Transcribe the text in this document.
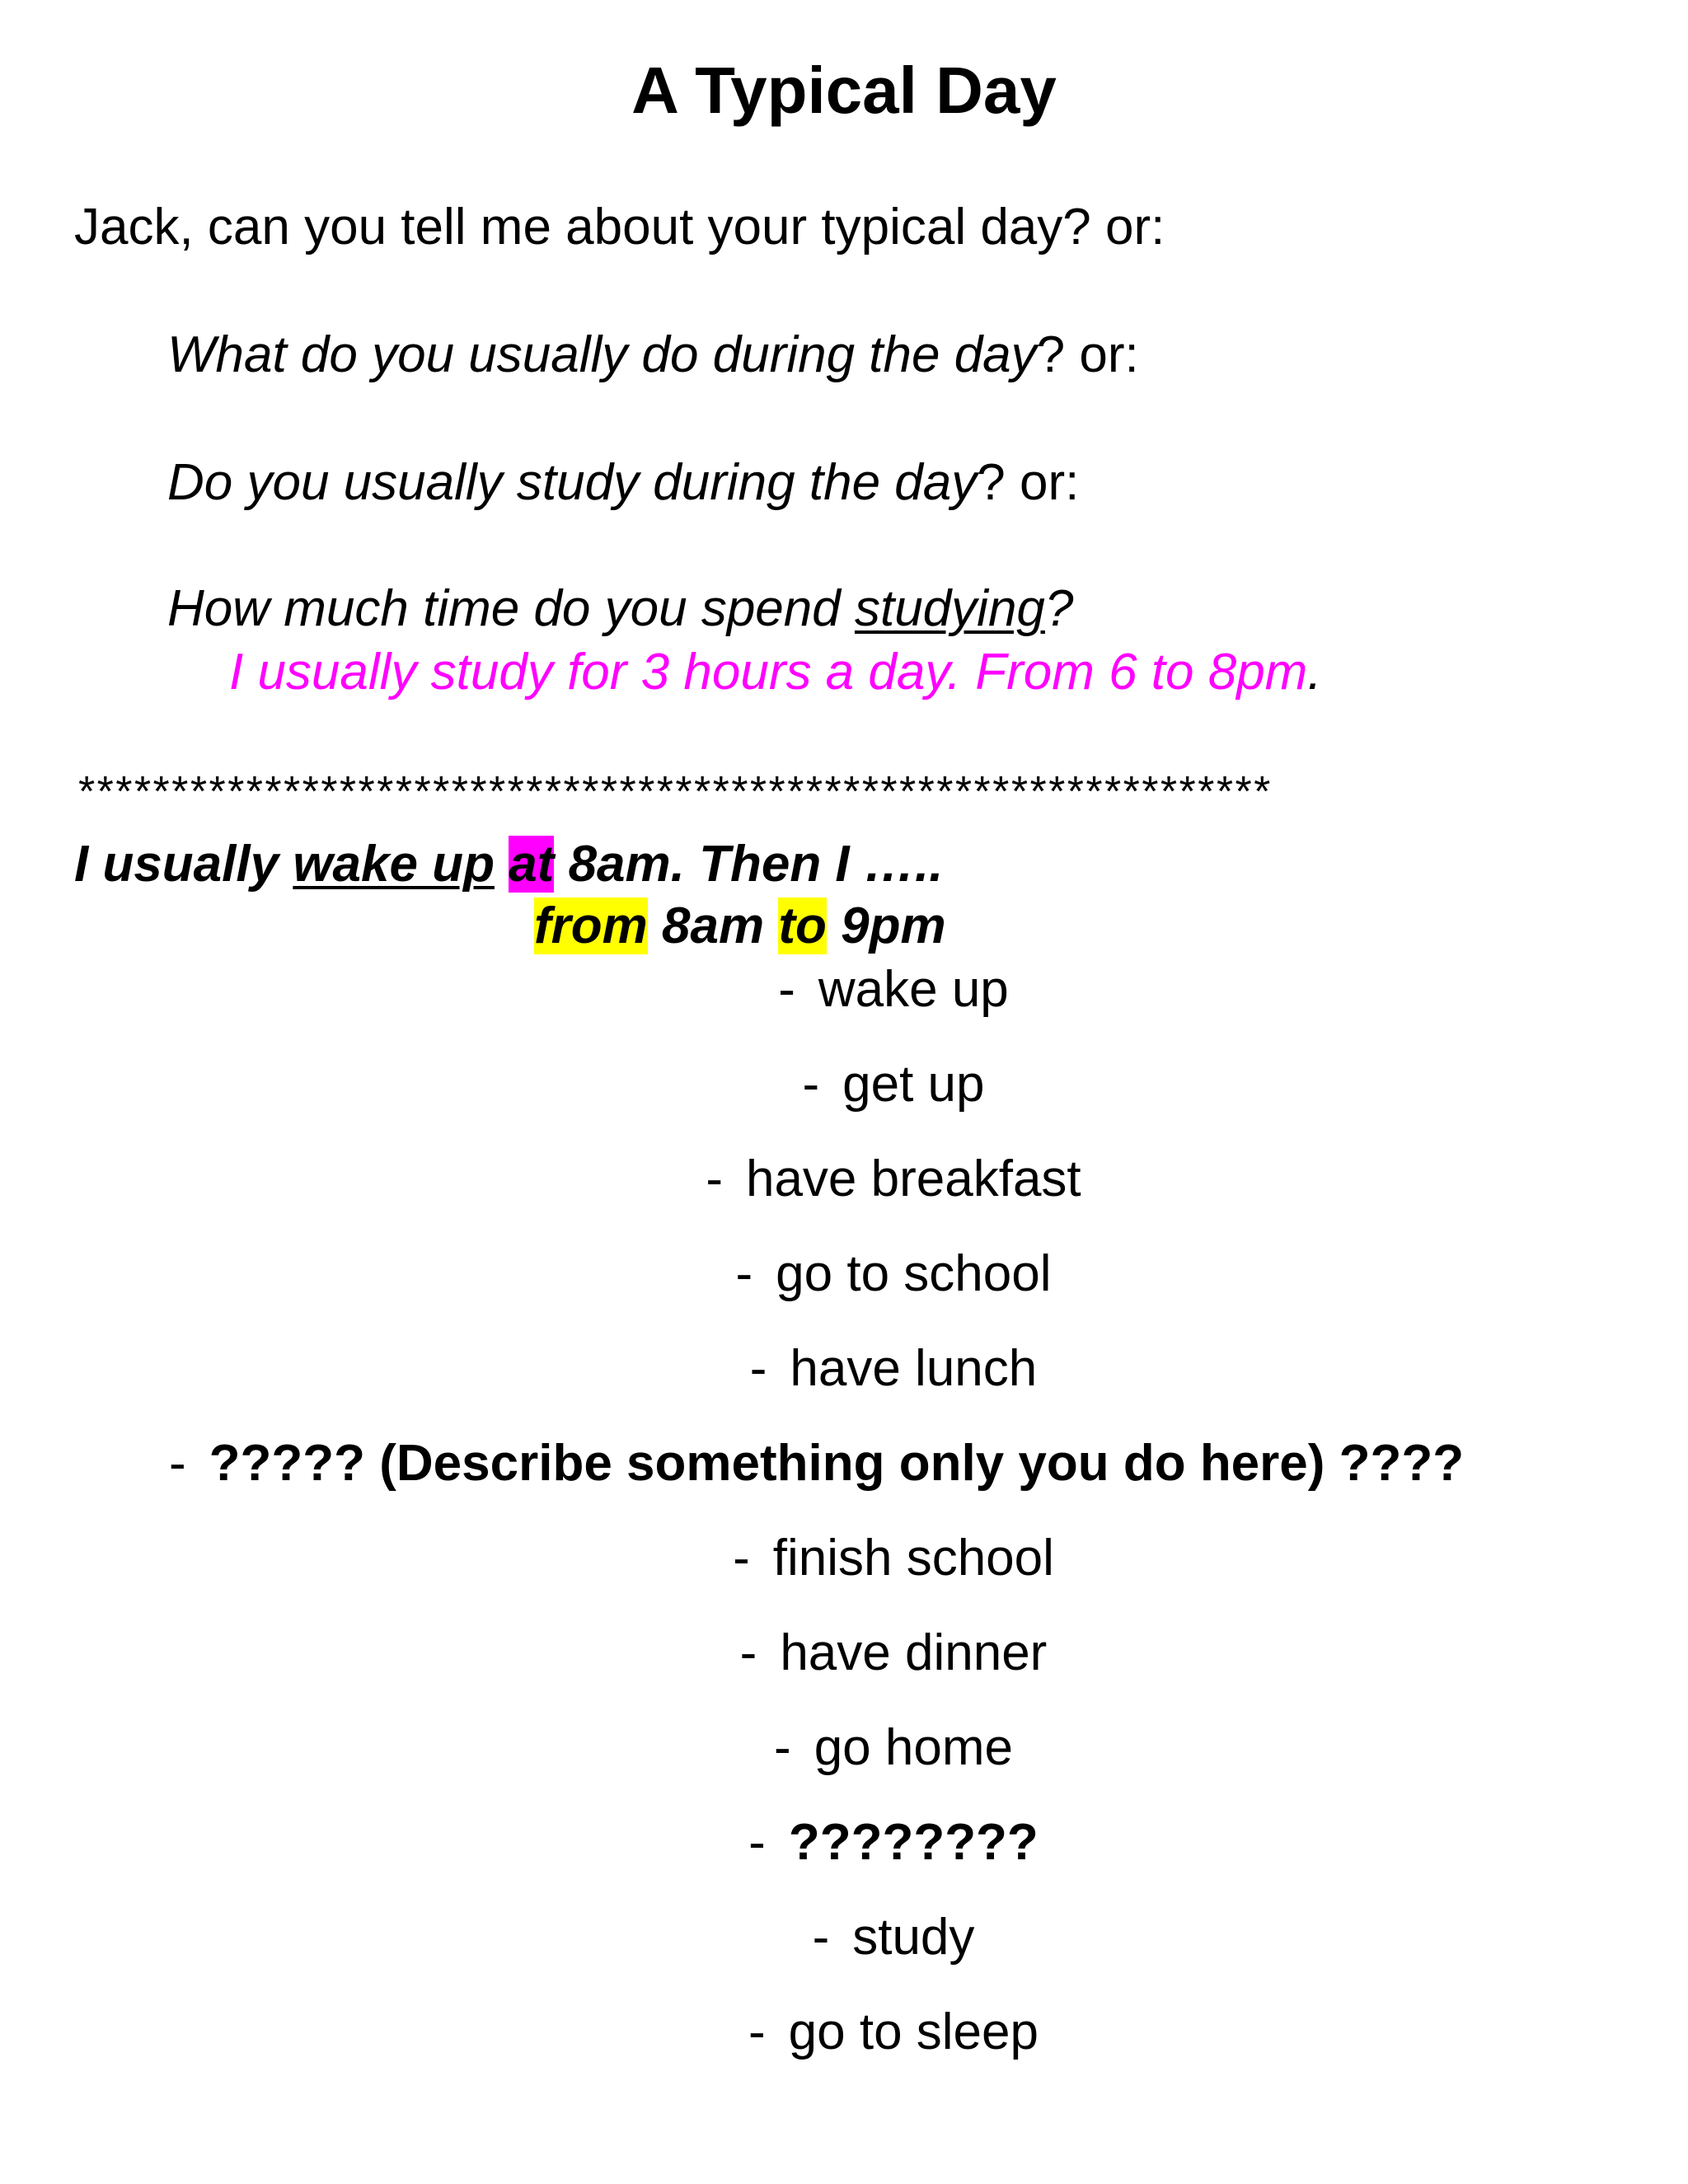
A Typical Day
Jack, can you tell me about your typical day? or:
What do you usually do during the day? or:
Do you usually study during the day? or:
How much time do you spend studying?
I usually study for 3 hours a day. From 6 to 8pm.
****************************************************************
I usually wake up at 8am. Then I …..
from 8am to 9pm
- wake up
- get up
- have breakfast
- go to school
- have lunch
- ????? (Describe something only you do here) ????
- finish school
- have dinner
- go home
- ????????
- study
- go to sleep
